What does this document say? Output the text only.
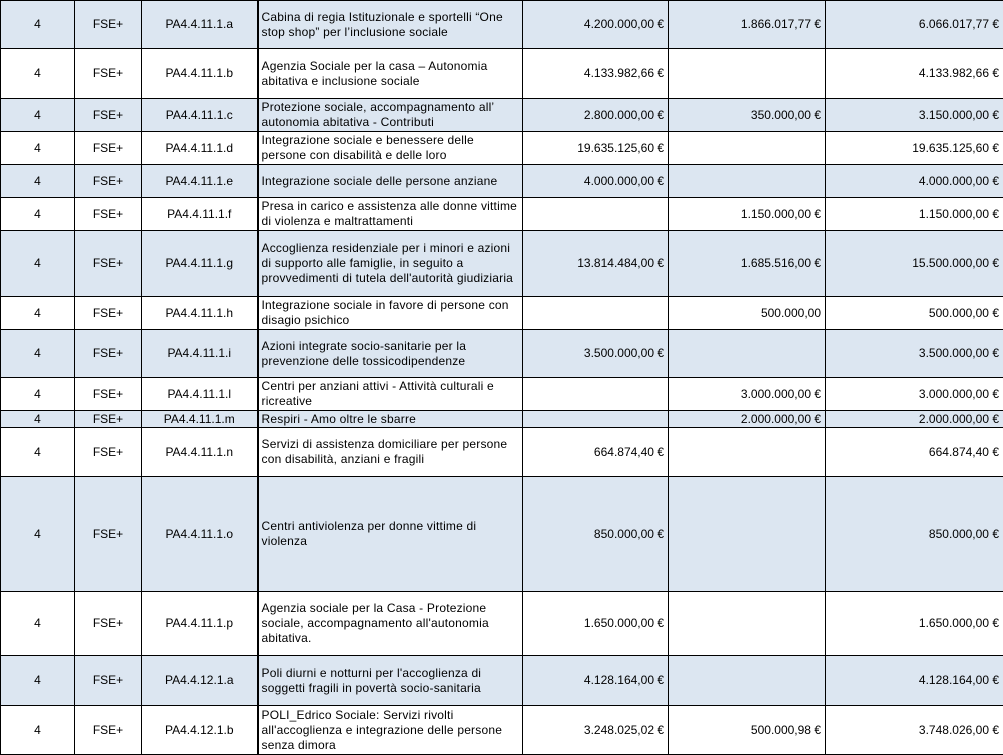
4	FSE+	PA4.4.11.1.a	Cabina di regia Istituzionale e sportelli “One stop shop” per l’inclusione sociale	4.200.000,00 €	1.866.017,77 €	6.066.017,77 €
4	FSE+	PA4.4.11.1.b	Agenzia Sociale per la casa – Autonomia abitativa e inclusione sociale	4.133.982,66 €		4.133.982,66 €
4	FSE+	PA4.4.11.1.c	Protezione sociale, accompagnamento all’ autonomia abitativa - Contributi	2.800.000,00 €	350.000,00 €	3.150.000,00 €
4	FSE+	PA4.4.11.1.d	Integrazione sociale e benessere delle persone con disabilità e delle loro	19.635.125,60 €		19.635.125,60 €
4	FSE+	PA4.4.11.1.e	Integrazione sociale delle persone anziane	4.000.000,00 €		4.000.000,00 €
4	FSE+	PA4.4.11.1.f	Presa in carico e assistenza alle donne vittime di violenza e maltrattamenti		1.150.000,00 €	1.150.000,00 €
4	FSE+	PA4.4.11.1.g	Accoglienza residenziale per i minori e azioni di supporto alle famiglie, in seguito a provvedimenti di tutela dell'autorità giudiziaria	13.814.484,00 €	1.685.516,00 €	15.500.000,00 €
4	FSE+	PA4.4.11.1.h	Integrazione sociale in favore di persone con disagio psichico		500.000,00	500.000,00 €
4	FSE+	PA4.4.11.1.i	Azioni integrate socio-sanitarie per la prevenzione delle tossicodipendenze	3.500.000,00 €		3.500.000,00 €
4	FSE+	PA4.4.11.1.l	Centri per anziani attivi - Attività culturali e ricreative		3.000.000,00 €	3.000.000,00 €
4	FSE+	PA4.4.11.1.m	Respiri - Amo oltre le sbarre		2.000.000,00 €	2.000.000,00 €
4	FSE+	PA4.4.11.1.n	Servizi di assistenza domiciliare per persone con disabilità, anziani e fragili	664.874,40 €		664.874,40 €
4	FSE+	PA4.4.11.1.o	Centri antiviolenza per donne vittime di violenza	850.000,00 €		850.000,00 €
4	FSE+	PA4.4.11.1.p	Agenzia sociale per la Casa - Protezione sociale, accompagnamento all'autonomia abitativa.	1.650.000,00 €		1.650.000,00 €
4	FSE+	PA4.4.12.1.a	Poli diurni e notturni per l'accoglienza di soggetti fragili in povertà socio-sanitaria	4.128.164,00 €		4.128.164,00 €
4	FSE+	PA4.4.12.1.b	POLI_Edrico Sociale: Servizi rivolti all'accoglienza e integrazione delle persone senza dimora	3.248.025,02 €	500.000,98 €	3.748.026,00 €
